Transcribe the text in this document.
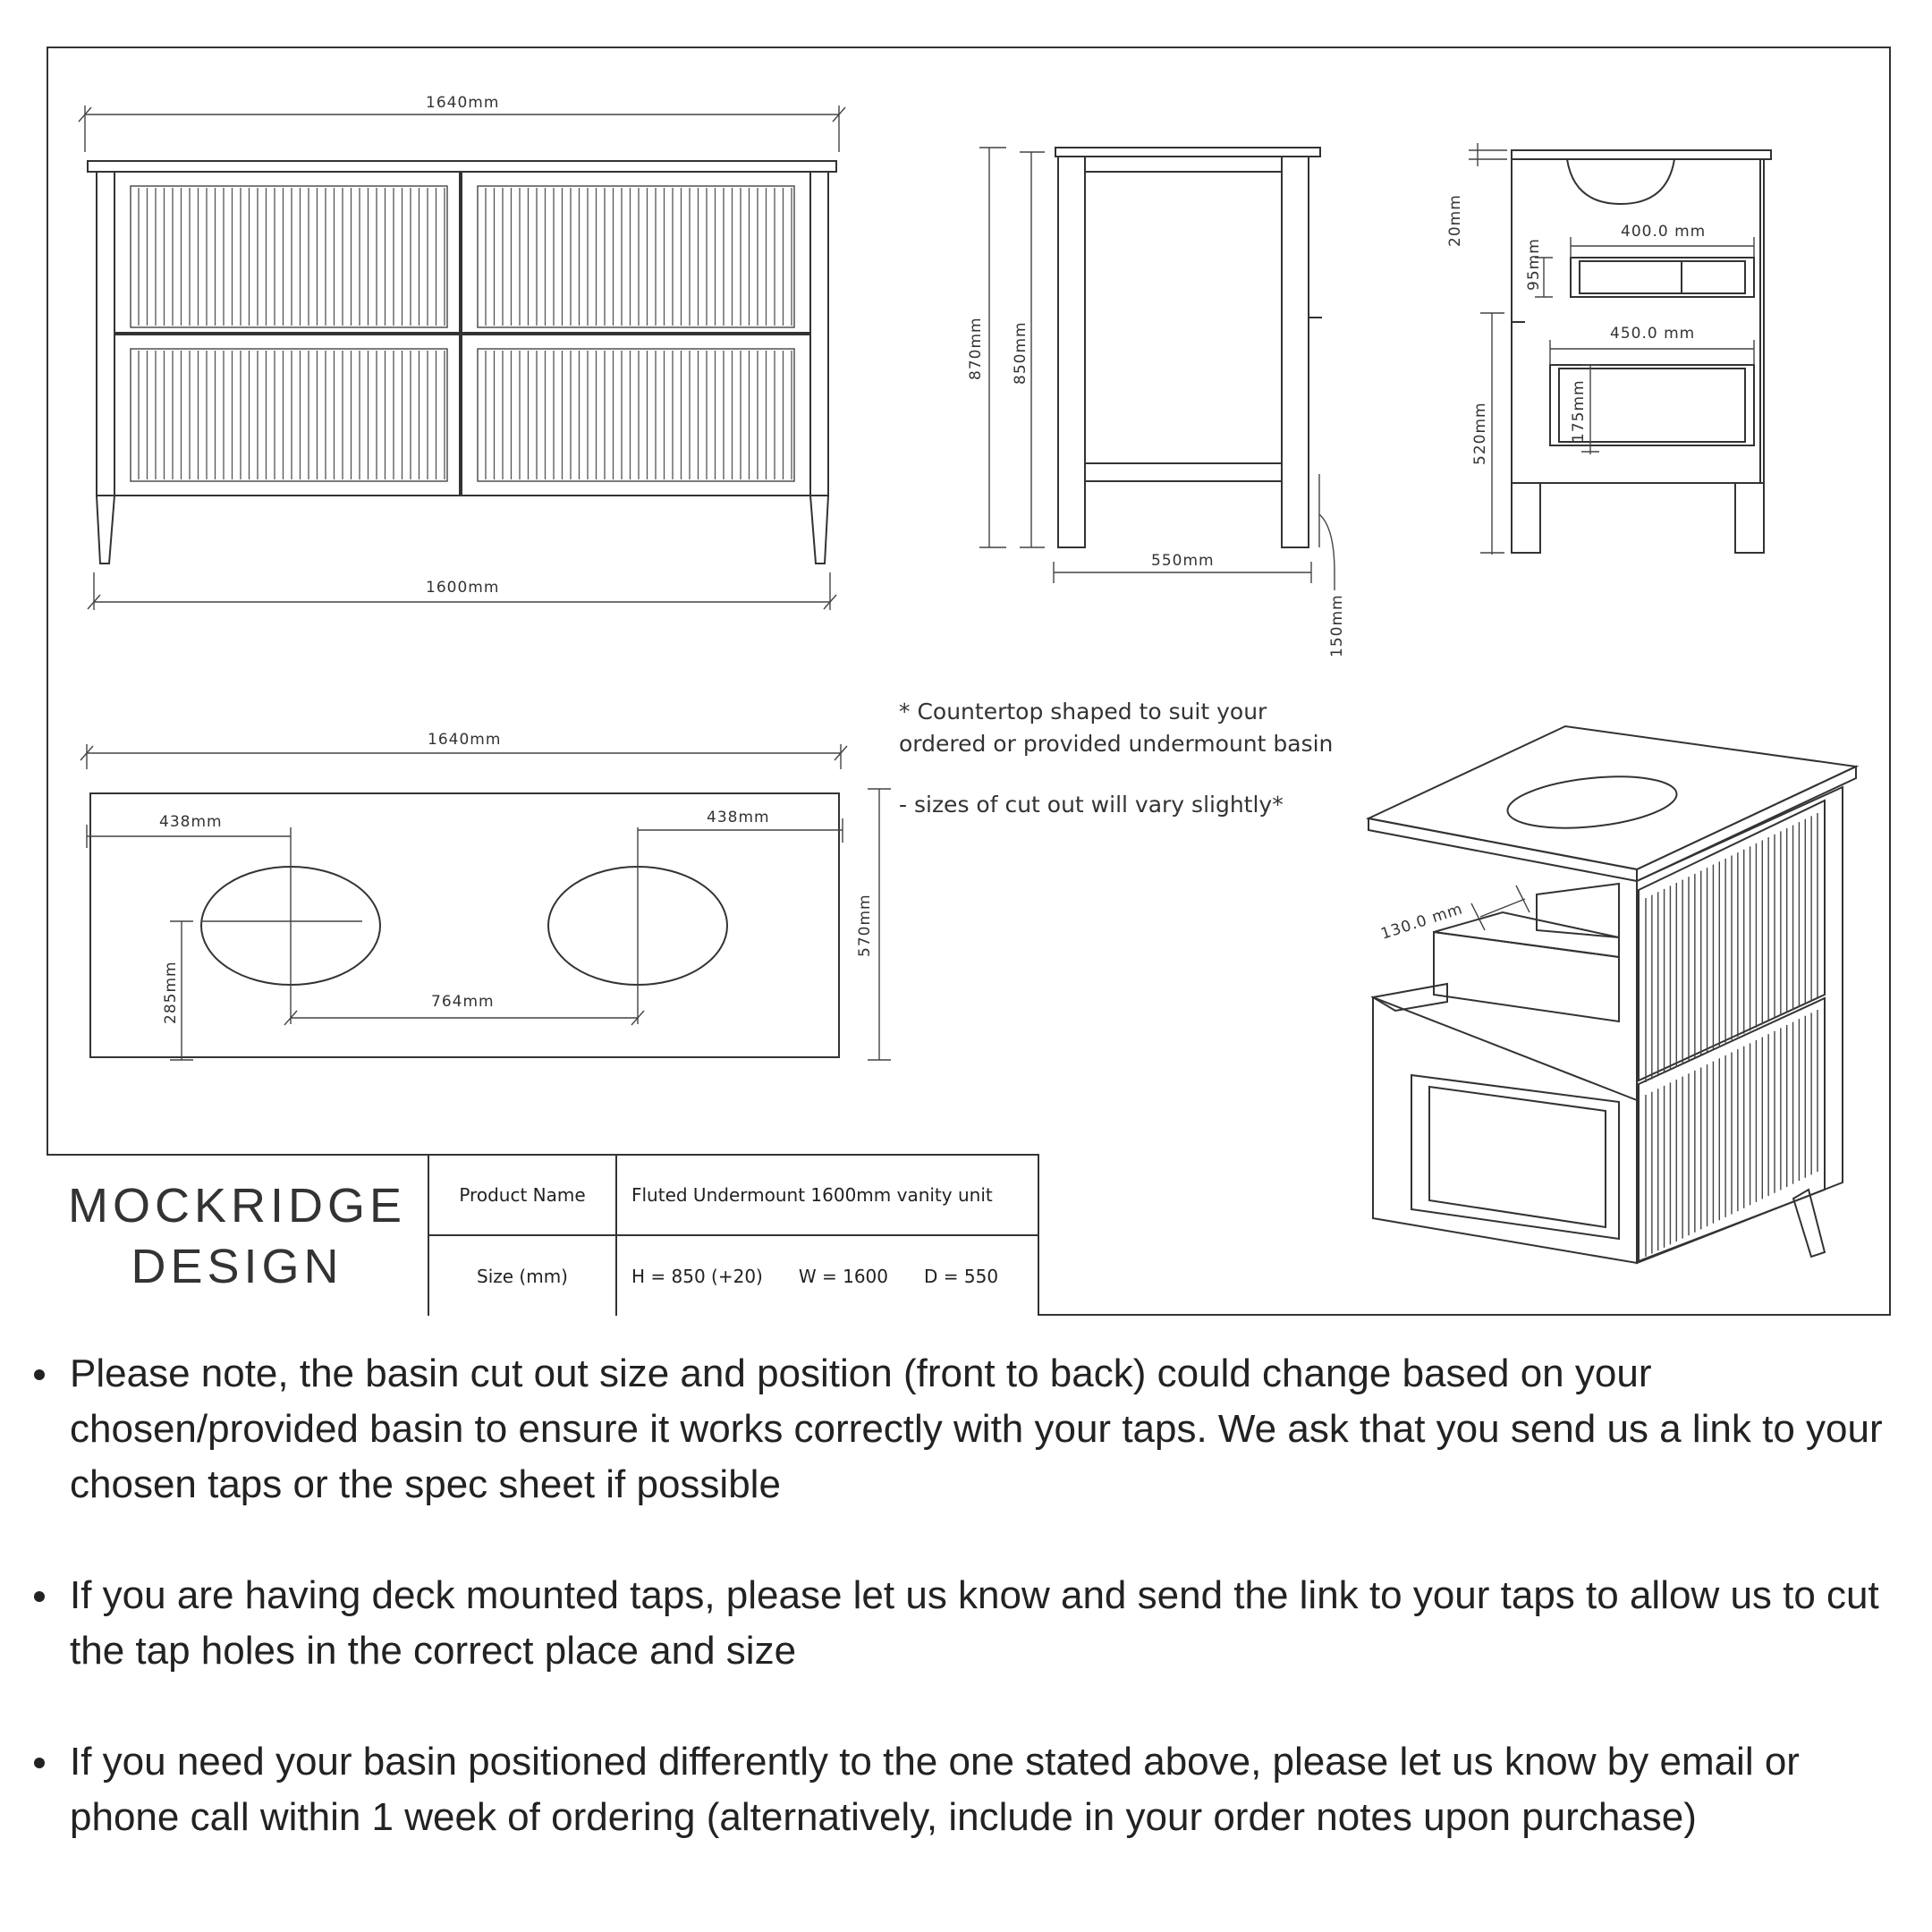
1640mm
1600mm
870mm 850mm
550mm
150mm
20mm	400.0 mm
95mm
450.0 mm
175mm
520mm
1640mm
438mm	438mm
570mm
285mm	764mm
* Countertop shaped to suit your
ordered or provided undermount basin
- sizes of cut out will vary slightly*
130.0 mm
MOCKRIDGE
DESIGN
Product Name	Fluted Undermount 1600mm vanity unit
Size (mm)	H = 850 (+20) W = 1600 D = 550
Please note, the basin cut out size and position (front to back) could change based on your chosen/provided basin to ensure it works correctly with your taps. We ask that you send us a link to your chosen taps or the spec sheet if possible
If you are having deck mounted taps, please let us know and send the link to your taps to allow us to cut the tap holes in the correct place and size
If you need your basin positioned differently to the one stated above, please let us know by email or phone call within 1 week of ordering (alternatively, include in your order notes upon purchase)
